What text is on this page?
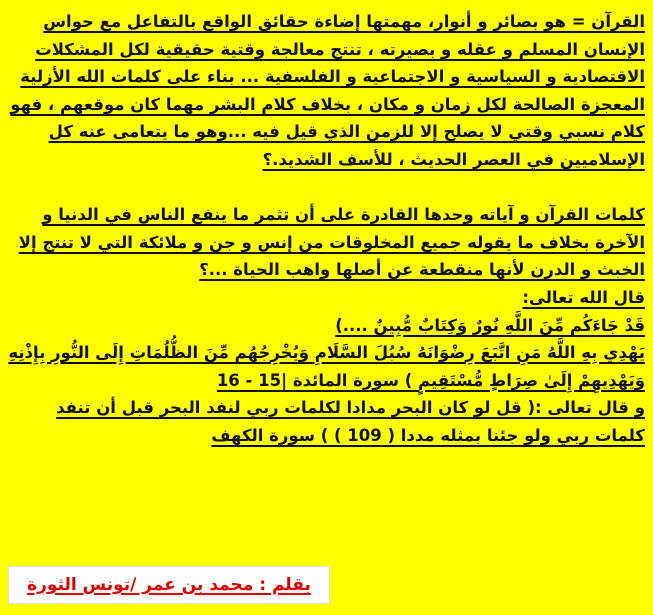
القرآن = هو بصائر و أنوار، مهمتها إضاءة حقائق الواقع بالتفاعل مع حواس الإنسان المسلم و عقله و بصيرته ، تنتج معالجة وقتية حقيقية لكل المشكلات الاقتصادية و السياسية و الاجتماعية و الفلسفية ... بناء على كلمات الله الأزلية المعجزة الصالحة لكل زمان و مكان ، بخلاف كلام البشر مهما كان موقعهم ، فهو كلام نسبي وقتي لا يصلح إلا للزمن الذي قيل فيه ...وهو ما يتعامى عنه كل الإسلاميين في العصر الحديث ، للأسف الشديد.؟

كلمات القرآن و آياته وحدها القادرة على أن تثمر ما ينفع الناس في الدنيا و الآخرة بخلاف ما يقوله جميع المخلوقات من إنس و جن و ملائكة التي لا تنتج إلا الخبث و الدرن لأنها منقطعة عن أصلها واهب الحياة ...؟

قال الله تعالى:

قَدْ جَاءَكُم مِّنَ اللَّهِ نُورٌ وَكِتَابٌ مُّبِينٌ ....)

يَهْدِي بِهِ اللَّهُ مَنِ اتَّبَعَ رِضْوَانَهُ سُبُلَ السَّلَامِ وَيُخْرِجُهُم مِّنَ الظُّلُمَاتِ إِلَى النُّورِ بِإِذْنِهِ وَيَهْدِيهِمْ إِلَىٰ صِرَاطٍ مُّسْتَقِيمٍ ) سورة المائدة |15 - 16

و قال تعالى :( قل لو كان البحر مدادا لكلمات ربي لنفد البحر قبل أن تنفد كلمات ربي ولو جئنا بمثله مددا ( 109 ) ) سورة الكهف

بقلم : محمد بن عمر /تونس الثورة
